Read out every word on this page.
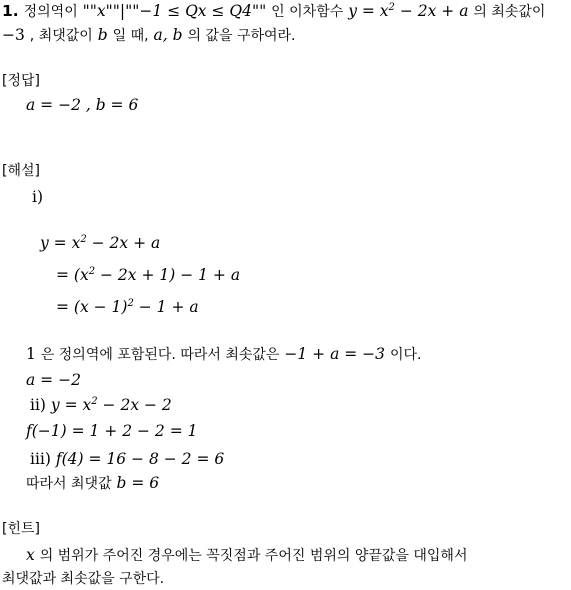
1. 정의역이 ""x""|""−1 ≤ Qx ≤ Q4"" 인 이차함수 $y = x^2 - 2x + a$ 의 최솟값이
−3 , 최댓값이 b 일 때, a, b 의 값을 구하여라.
[정답]
a = −2 , b = 6
[해설]
ⅰ)
$y = x^2 - 2x + a$
= $(x^2 - 2x + 1) - 1 + a$
= $(x - 1)^2 - 1 + a$
1 은 정의역에 포함된다. 따라서 최솟값은 −1 + a = −3 이다.
a = −2
ⅱ) $y = x^2 - 2x - 2$
f(−1) = 1 + 2 − 2 = 1
ⅲ) f(4) = 16 − 8 − 2 = 6
따라서 최댓값 b = 6
[힌트]
x 의 범위가 주어진 경우에는 꼭짓점과 주어진 범위의 양끝값을 대입해서
최댓값과 최솟값을 구한다.
